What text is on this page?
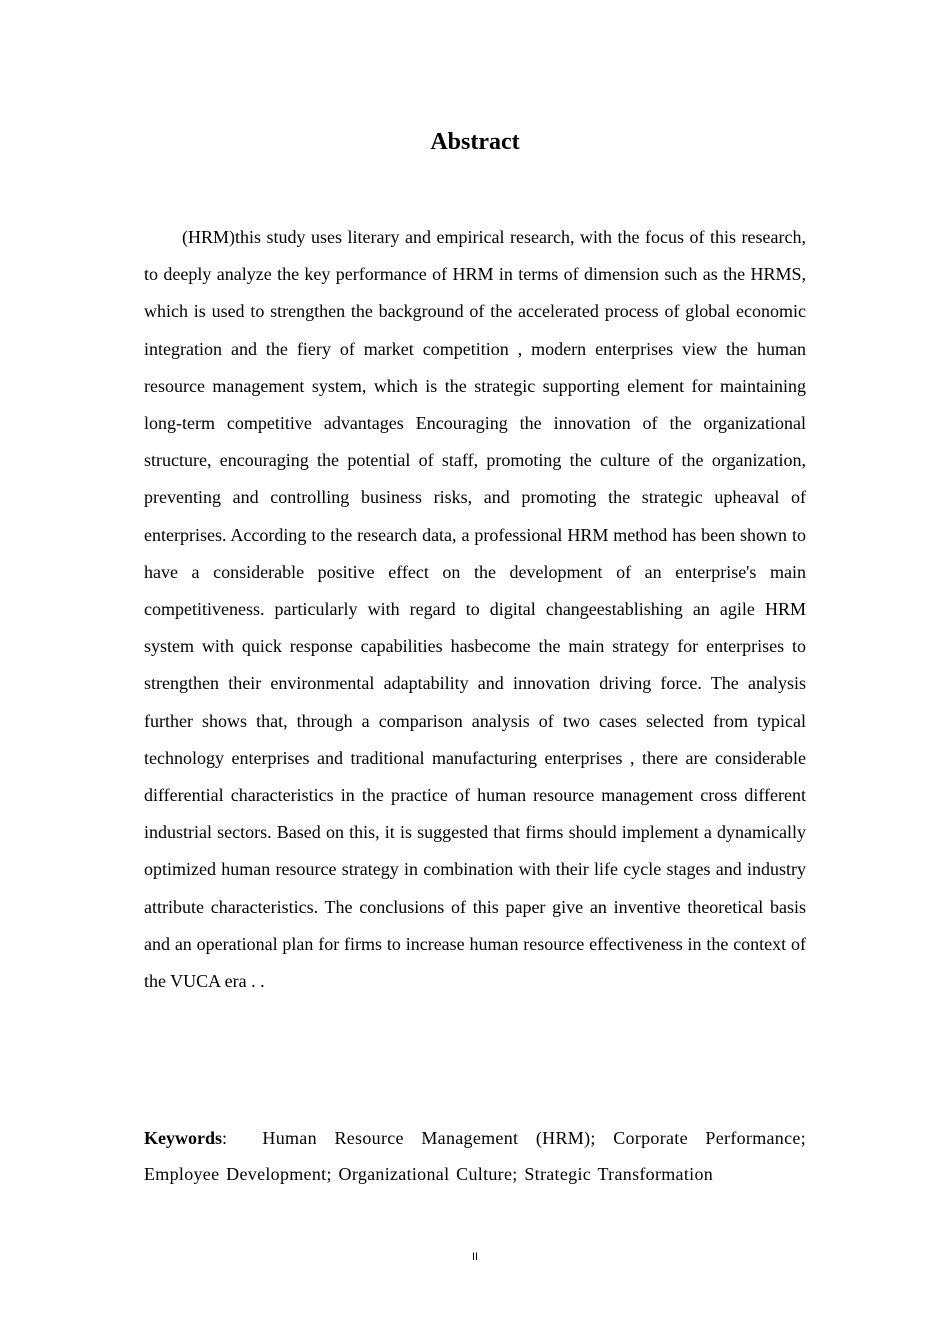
Abstract

(HRM)this study uses literary and empirical research, with the focus of this research, to deeply analyze the key performance of HRM in terms of dimension such as the HRMS, which is used to strengthen the background of the accelerated process of global economic integration and the fiery of market competition , modern enterprises view the human resource management system, which is the strategic supporting element for maintaining long-term competitive advantages Encouraging the innovation of the organizational structure, encouraging the potential of staff, promoting the culture of the organization, preventing and controlling business risks, and promoting the strategic upheaval of enterprises. According to the research data, a professional HRM method has been shown to have a considerable positive effect on the development of an enterprise's main competitiveness. particularly with regard to digital changeestablishing an agile HRM system with quick response capabilities hasbecome the main strategy for enterprises to strengthen their environmental adaptability and innovation driving force. The analysis further shows that, through a comparison analysis of two cases selected from typical technology enterprises and traditional manufacturing enterprises , there are considerable differential characteristics in the practice of human resource management cross different industrial sectors. Based on this, it is suggested that firms should implement a dynamically optimized human resource strategy in combination with their life cycle stages and industry attribute characteristics. The conclusions of this paper give an inventive theoretical basis and an operational plan for firms to increase human resource effectiveness in the context of the VUCA era . .

Keywords: Human Resource Management (HRM); Corporate Performance; Employee Development; Organizational Culture; Strategic Transformation

II
